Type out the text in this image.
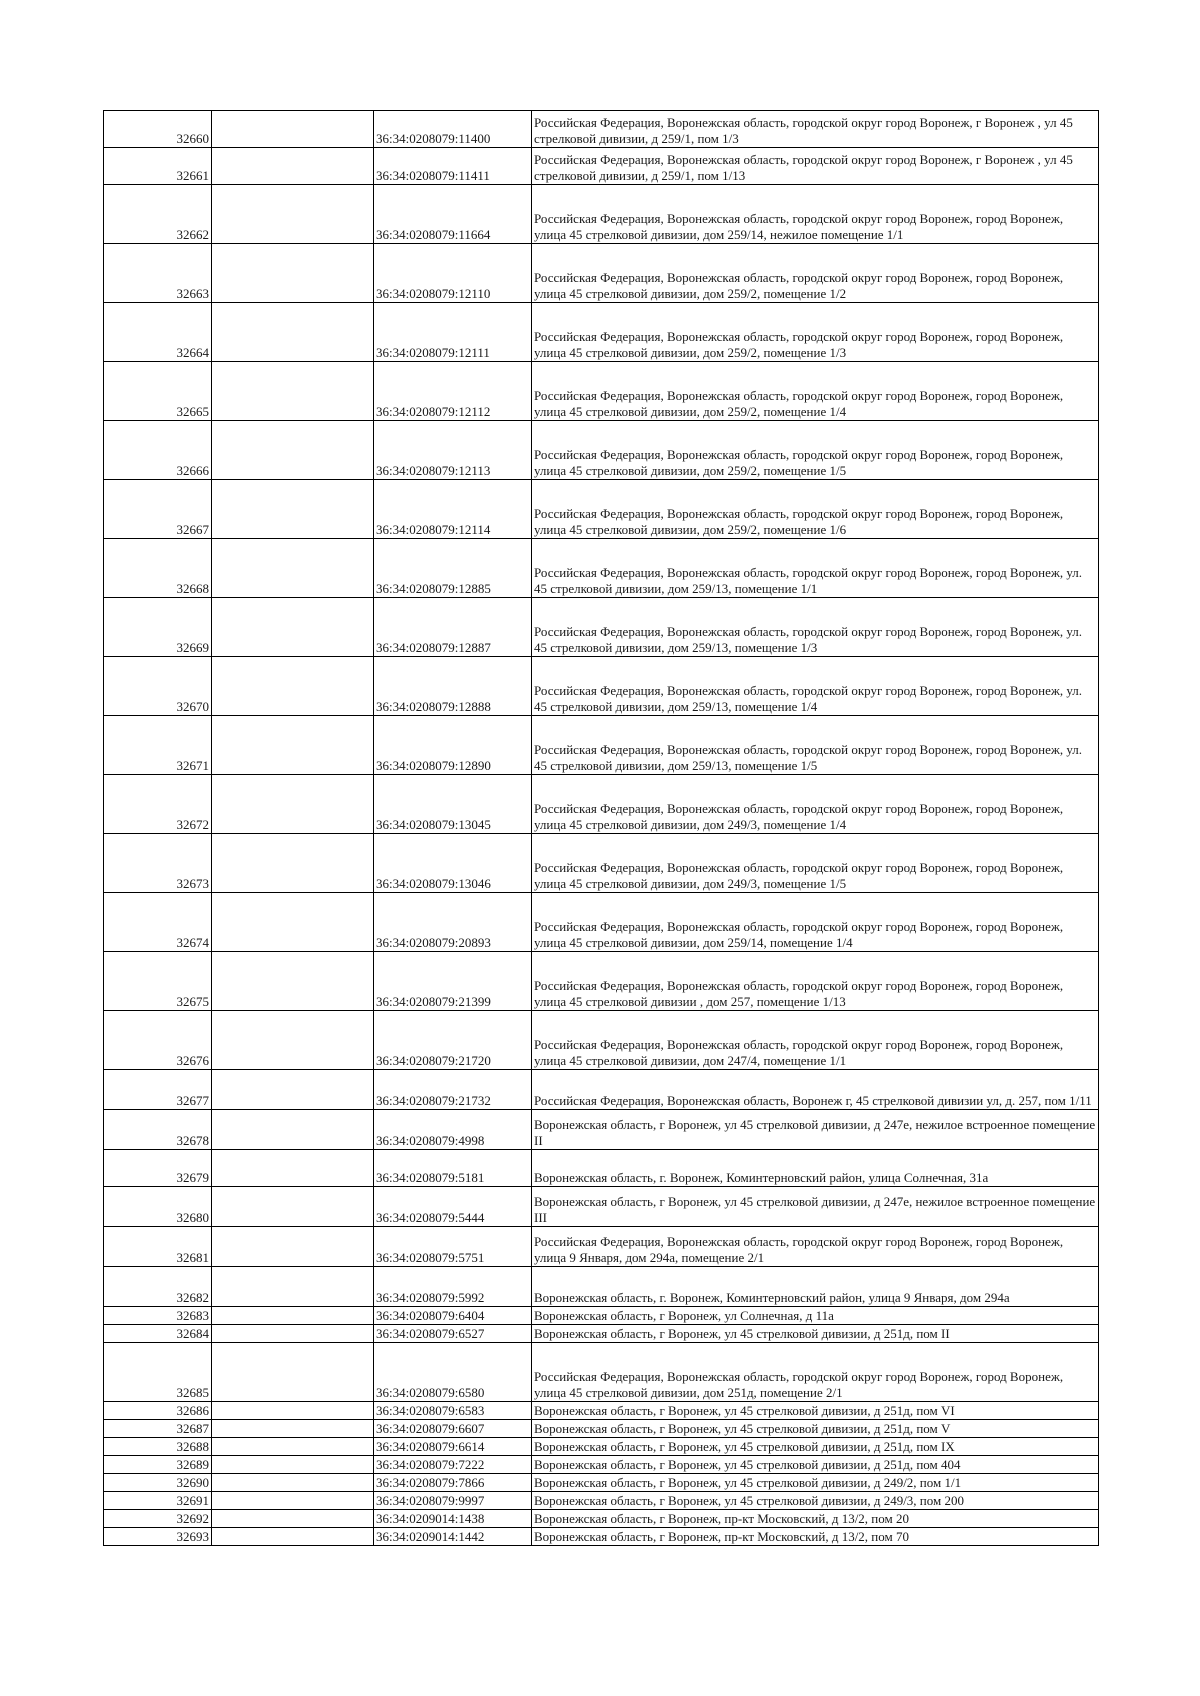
32660		36:34:0208079:11400	Российская Федерация, Воронежская область, городской округ город Воронеж, г Воронеж , ул 45 стрелковой дивизии, д 259/1, пом 1/3
32661		36:34:0208079:11411	Российская Федерация, Воронежская область, городской округ город Воронеж, г Воронеж , ул 45 стрелковой дивизии, д 259/1, пом 1/13
32662		36:34:0208079:11664	Российская Федерация, Воронежская область, городской округ город Воронеж, город Воронеж, улица 45 стрелковой дивизии, дом 259/14, нежилое помещение 1/1
32663		36:34:0208079:12110	Российская Федерация, Воронежская область, городской округ город Воронеж, город Воронеж, улица 45 стрелковой дивизии, дом 259/2, помещение 1/2
32664		36:34:0208079:12111	Российская Федерация, Воронежская область, городской округ город Воронеж, город Воронеж, улица 45 стрелковой дивизии, дом 259/2, помещение 1/3
32665		36:34:0208079:12112	Российская Федерация, Воронежская область, городской округ город Воронеж, город Воронеж, улица 45 стрелковой дивизии, дом 259/2, помещение 1/4
32666		36:34:0208079:12113	Российская Федерация, Воронежская область, городской округ город Воронеж, город Воронеж, улица 45 стрелковой дивизии, дом 259/2, помещение 1/5
32667		36:34:0208079:12114	Российская Федерация, Воронежская область, городской округ город Воронеж, город Воронеж, улица 45 стрелковой дивизии, дом 259/2, помещение 1/6
32668		36:34:0208079:12885	Российская Федерация, Воронежская область, городской округ город Воронеж, город Воронеж, ул. 45 стрелковой дивизии, дом 259/13, помещение 1/1
32669		36:34:0208079:12887	Российская Федерация, Воронежская область, городской округ город Воронеж, город Воронеж, ул. 45 стрелковой дивизии, дом 259/13, помещение 1/3
32670		36:34:0208079:12888	Российская Федерация, Воронежская область, городской округ город Воронеж, город Воронеж, ул. 45 стрелковой дивизии, дом 259/13, помещение 1/4
32671		36:34:0208079:12890	Российская Федерация, Воронежская область, городской округ город Воронеж, город Воронеж, ул. 45 стрелковой дивизии, дом 259/13, помещение 1/5
32672		36:34:0208079:13045	Российская Федерация, Воронежская область, городской округ город Воронеж, город Воронеж, улица 45 стрелковой дивизии, дом 249/3, помещение 1/4
32673		36:34:0208079:13046	Российская Федерация, Воронежская область, городской округ город Воронеж, город Воронеж, улица 45 стрелковой дивизии, дом 249/3, помещение 1/5
32674		36:34:0208079:20893	Российская Федерация, Воронежская область, городской округ город Воронеж, город Воронеж, улица 45 стрелковой дивизии, дом 259/14, помещение 1/4
32675		36:34:0208079:21399	Российская Федерация, Воронежская область, городской округ город Воронеж, город Воронеж, улица 45 стрелковой дивизии , дом 257, помещение 1/13
32676		36:34:0208079:21720	Российская Федерация, Воронежская область, городской округ город Воронеж, город Воронеж, улица 45 стрелковой дивизии, дом 247/4, помещение 1/1
32677		36:34:0208079:21732	Российская Федерация, Воронежская область, Воронеж г, 45 стрелковой дивизии ул, д. 257, пом 1/11
32678		36:34:0208079:4998	Воронежская область, г Воронеж, ул 45 стрелковой дивизии, д 247е, нежилое встроенное помещение II
32679		36:34:0208079:5181	Воронежская область, г. Воронеж, Коминтерновский район, улица Солнечная, 31а
32680		36:34:0208079:5444	Воронежская область, г Воронеж, ул 45 стрелковой дивизии, д 247е, нежилое встроенное помещение III
32681		36:34:0208079:5751	Российская Федерация, Воронежская область, городской округ город Воронеж, город Воронеж, улица 9 Января, дом 294а, помещение 2/1
32682		36:34:0208079:5992	Воронежская область, г. Воронеж, Коминтерновский район, улица 9 Января, дом 294а
32683		36:34:0208079:6404	Воронежская область, г Воронеж, ул Солнечная, д 11а
32684		36:34:0208079:6527	Воронежская область, г Воронеж, ул 45 стрелковой дивизии, д 251д, пом II
32685		36:34:0208079:6580	Российская Федерация, Воронежская область, городской округ город Воронеж, город Воронеж, улица 45 стрелковой дивизии, дом 251д, помещение 2/1
32686		36:34:0208079:6583	Воронежская область, г Воронеж, ул 45 стрелковой дивизии, д 251д, пом VI
32687		36:34:0208079:6607	Воронежская область, г Воронеж, ул 45 стрелковой дивизии, д 251д, пом V
32688		36:34:0208079:6614	Воронежская область, г Воронеж, ул 45 стрелковой дивизии, д 251д, пом IX
32689		36:34:0208079:7222	Воронежская область, г Воронеж, ул 45 стрелковой дивизии, д 251д, пом 404
32690		36:34:0208079:7866	Воронежская область, г Воронеж, ул 45 стрелковой дивизии, д 249/2, пом 1/1
32691		36:34:0208079:9997	Воронежская область, г Воронеж, ул 45 стрелковой дивизии, д 249/3, пом 200
32692		36:34:0209014:1438	Воронежская область, г Воронеж, пр-кт Московский, д 13/2, пом 20
32693		36:34:0209014:1442	Воронежская область, г Воронеж, пр-кт Московский, д 13/2, пом 70
